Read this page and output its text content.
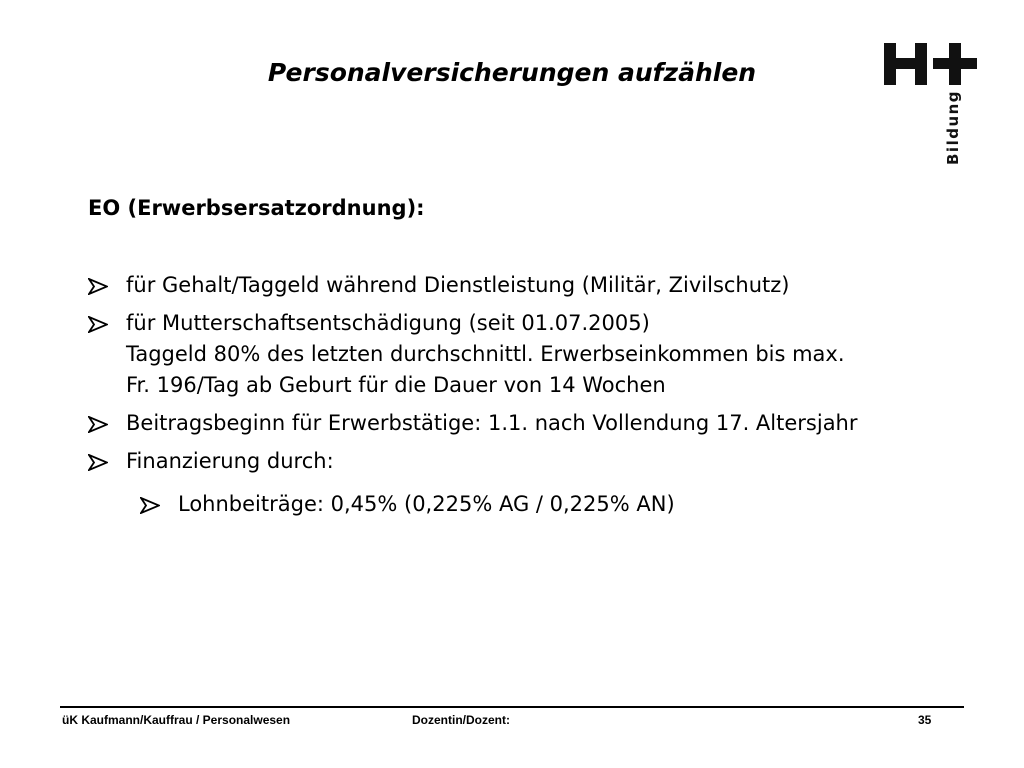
Personalversicherungen aufzählen
Bildung
EO (Erwerbsersatzordnung):
für Gehalt/Taggeld während Dienstleistung (Militär, Zivilschutz)
für Mutterschaftsentschädigung (seit 01.07.2005)
Taggeld 80% des letzten durchschnittl. Erwerbseinkommen bis max.
Fr. 196/Tag ab Geburt für die Dauer von 14 Wochen
Beitragsbeginn für Erwerbstätige: 1.1. nach Vollendung 17. Altersjahr
Finanzierung durch:
Lohnbeiträge: 0,45% (0,225% AG / 0,225% AN)
üK Kaufmann/Kauffrau / Personalwesen	Dozentin/Dozent:	35
